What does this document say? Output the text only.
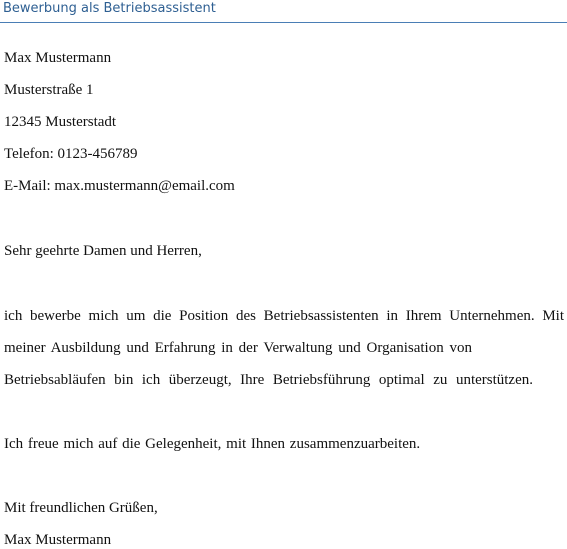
Bewerbung als Betriebsassistent
Max Mustermann
Musterstraße 1
12345 Musterstadt
Telefon: 0123-456789
E-Mail: max.mustermann@email.com
Sehr geehrte Damen und Herren,
ich bewerbe mich um die Position des Betriebsassistenten in Ihrem Unternehmen. Mit
meiner Ausbildung und Erfahrung in der Verwaltung und Organisation von
Betriebsabläufen bin ich überzeugt, Ihre Betriebsführung optimal zu unterstützen.
Ich freue mich auf die Gelegenheit, mit Ihnen zusammenzuarbeiten.
Mit freundlichen Grüßen,
Max Mustermann
